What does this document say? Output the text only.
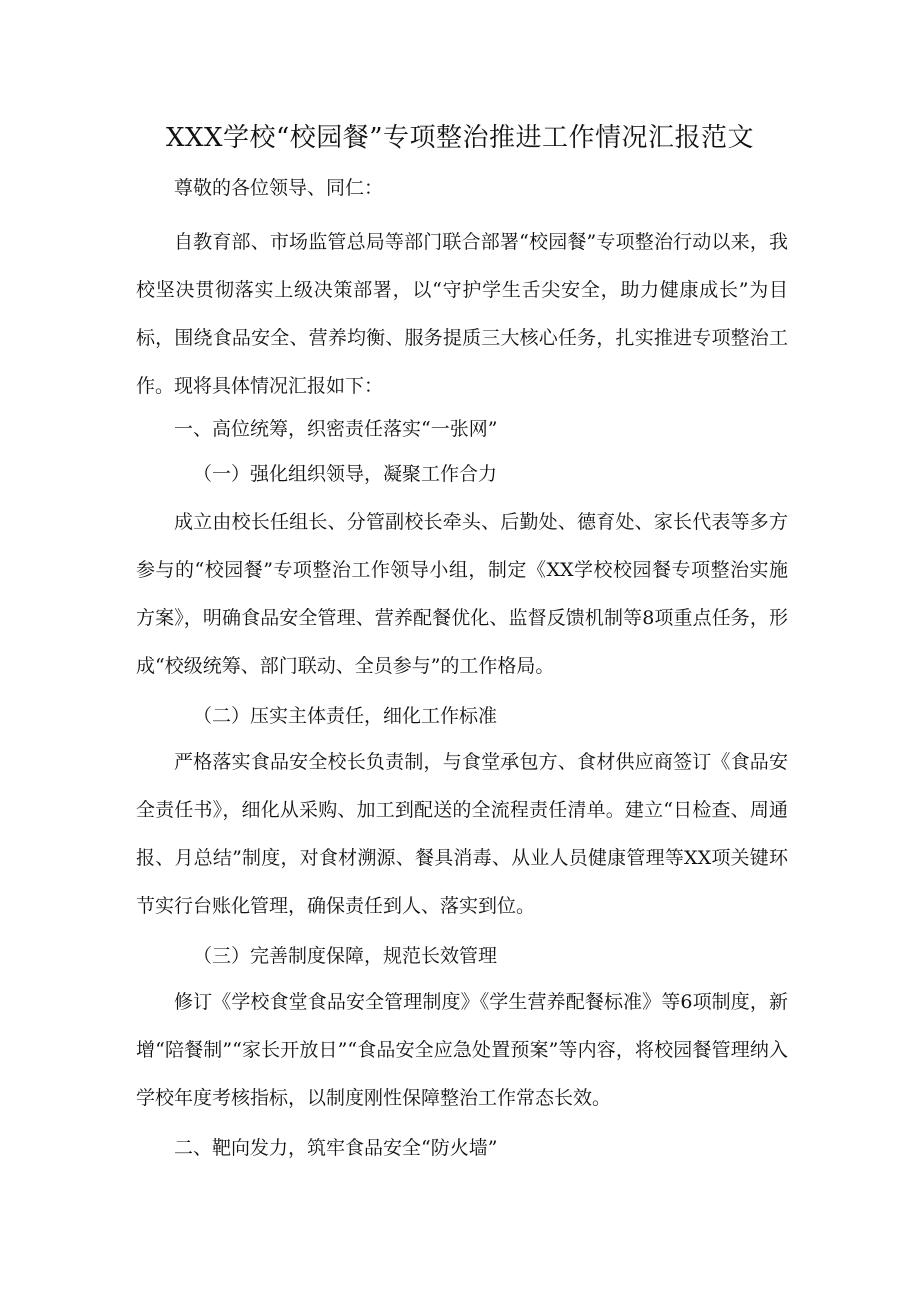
XXX学校“校园餐”专项整治推进工作情况汇报范文
尊敬的各位领导、同仁：
自教育部、市场监管总局等部门联合部署“校园餐”专项整治行动以来，我校坚决贯彻落实上级决策部署，以“守护学生舌尖安全，助力健康成长”为目标，围绕食品安全、营养均衡、服务提质三大核心任务，扎实推进专项整治工作。现将具体情况汇报如下：
一、高位统筹，织密责任落实“一张网”
（一）强化组织领导，凝聚工作合力
成立由校长任组长、分管副校长牵头、后勤处、德育处、家长代表等多方参与的“校园餐”专项整治工作领导小组，制定《XX学校校园餐专项整治实施方案》，明确食品安全管理、营养配餐优化、监督反馈机制等8项重点任务，形成“校级统筹、部门联动、全员参与”的工作格局。
（二）压实主体责任，细化工作标准
严格落实食品安全校长负责制，与食堂承包方、食材供应商签订《食品安全责任书》，细化从采购、加工到配送的全流程责任清单。建立“日检查、周通报、月总结”制度，对食材溯源、餐具消毒、从业人员健康管理等XX项关键环节实行台账化管理，确保责任到人、落实到位。
（三）完善制度保障，规范长效管理
修订《学校食堂食品安全管理制度》《学生营养配餐标准》等6项制度，新增“陪餐制”“家长开放日”“食品安全应急处置预案”等内容，将校园餐管理纳入学校年度考核指标，以制度刚性保障整治工作常态长效。
二、靶向发力，筑牢食品安全“防火墙”
